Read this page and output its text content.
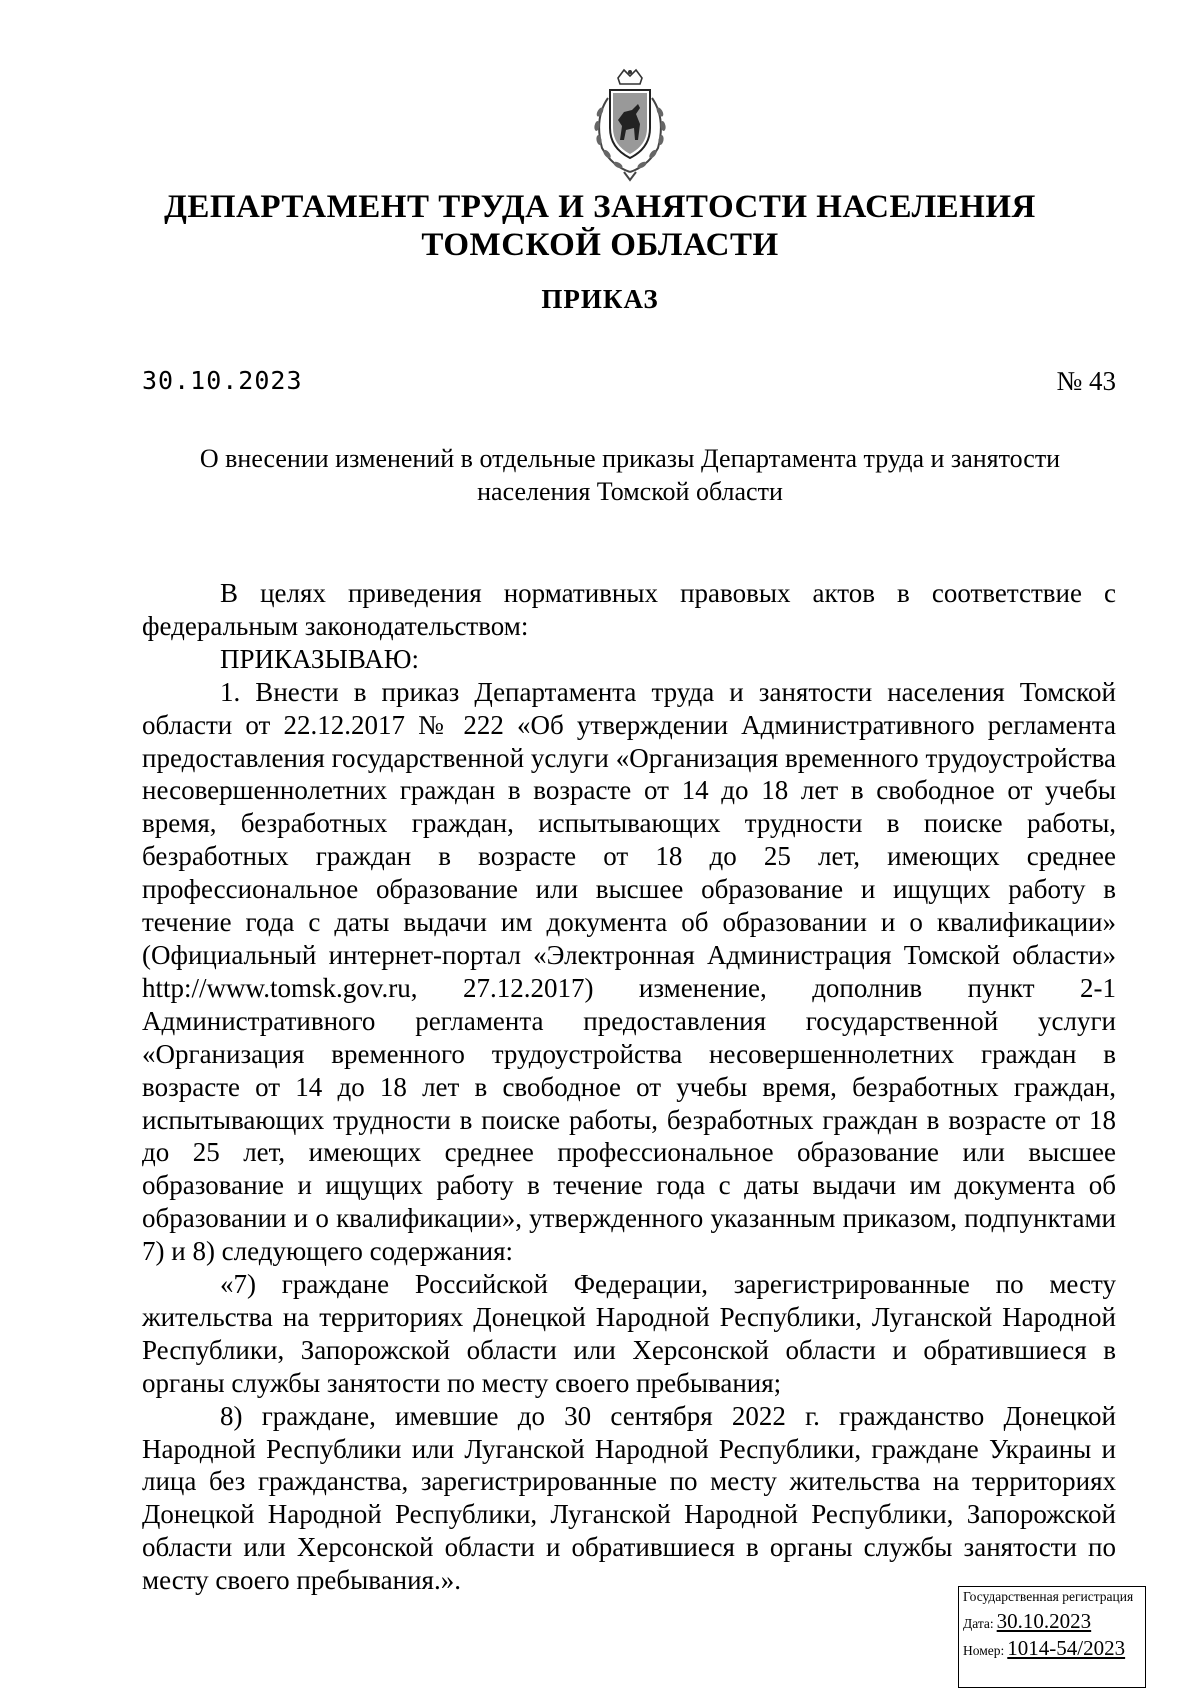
ДЕПАРТАМЕНТ ТРУДА И ЗАНЯТОСТИ НАСЕЛЕНИЯ
ТОМСКОЙ ОБЛАСТИ
ПРИКАЗ
30.10.2023	№ 43
О внесении изменений в отдельные приказы Департамента труда и занятости
населения Томской области

В целях приведения нормативных правовых актов в соответствие с федеральным законодательством:

ПРИКАЗЫВАЮ:

1. Внести в приказ Департамента труда и занятости населения Томской области от 22.12.2017 № 222 «Об утверждении Административного регламента предоставления государственной услуги «Организация временного трудоустройства несовершеннолетних граждан в возрасте от 14 до 18 лет в свободное от учебы время, безработных граждан, испытывающих трудности в поиске работы, безработных граждан в возрасте от 18 до 25 лет, имеющих среднее профессиональное образование или высшее образование и ищущих работу в течение года с даты выдачи им документа об образовании и о квалификации» (Официальный интернет-портал «Электронная Администрация Томской области» http://www.tomsk.gov.ru, 27.12.2017) изменение, дополнив пункт 2-1 Административного регламента предоставления государственной услуги «Организация временного трудоустройства несовершеннолетних граждан в возрасте от 14 до 18 лет в свободное от учебы время, безработных граждан, испытывающих трудности в поиске работы, безработных граждан в возрасте от 18 до 25 лет, имеющих среднее профессиональное образование или высшее образование и ищущих работу в течение года с даты выдачи им документа об образовании и о квалификации», утвержденного указанным приказом, подпунктами 7) и 8) следующего содержания:

«7) граждане Российской Федерации, зарегистрированные по месту жительства на территориях Донецкой Народной Республики, Луганской Народной Республики, Запорожской области или Херсонской области и обратившиеся в органы службы занятости по месту своего пребывания;

8) граждане, имевшие до 30 сентября 2022 г. гражданство Донецкой Народной Республики или Луганской Народной Республики, граждане Украины и лица без гражданства, зарегистрированные по месту жительства на территориях Донецкой Народной Республики, Луганской Народной Республики, Запорожской области или Херсонской области и обратившиеся в органы службы занятости по месту своего пребывания.».

Государственная регистрация
Дата: 30.10.2023
Номер: 1014-54/2023
